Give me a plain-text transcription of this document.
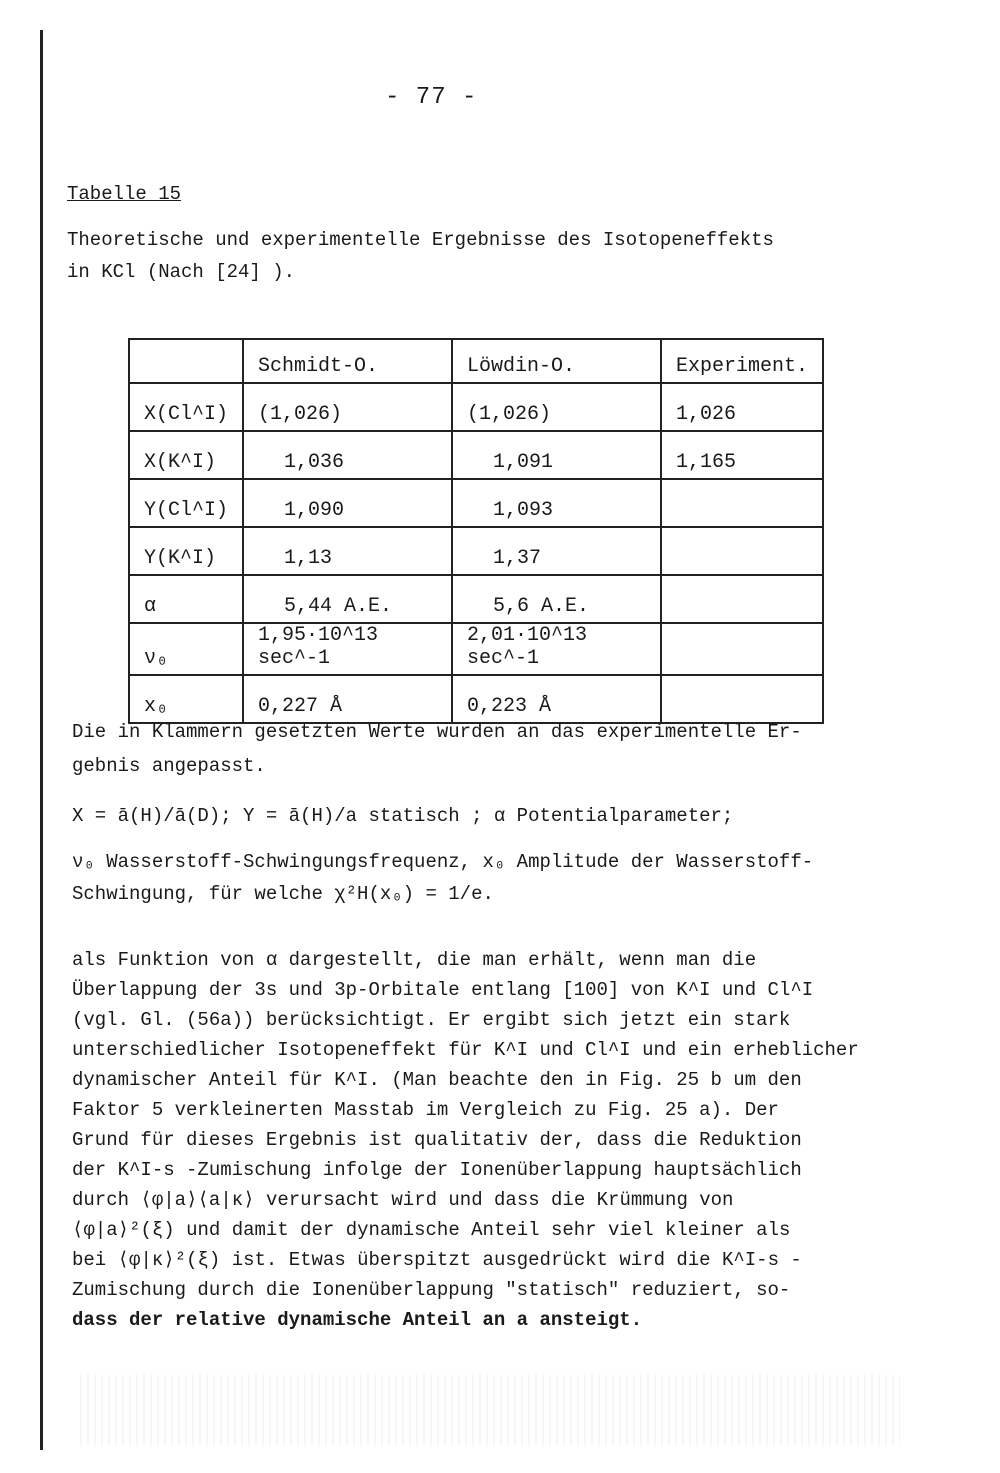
- 77 -
Tabelle 15

Theoretische und experimentelle Ergebnisse des Isotopeneffekts

in KCl (Nach [24] ).

	Schmidt-O.	Löwdin-O.	Experiment.
X(Cl^I)	(1,026)	(1,026)	1,026
X(K^I)	1,036	1,091	1,165
Y(Cl^I)	1,090	1,093	
Y(K^I)	1,13	1,37	
α	5,44 A.E.	5,6 A.E.	
ν₀	1,95·10^13 sec^-1	2,01·10^13 sec^-1	
x₀	0,227 Å	0,223 Å	

Die in Klammern gesetzten Werte wurden an das experimentelle Er-

gebnis angepasst.

X = ā(H)/ā(D); Y = ā(H)/a statisch ; α Potentialparameter;

ν₀ Wasserstoff-Schwingungsfrequenz, x₀ Amplitude der Wasserstoff-

Schwingung, für welche χ²H(x₀) = 1/e.

als Funktion von α dargestellt, die man erhält, wenn man die

Überlappung der 3s und 3p-Orbitale entlang [100] von K^I und Cl^I

(vgl. Gl. (56a)) berücksichtigt. Er ergibt sich jetzt ein stark

unterschiedlicher Isotopeneffekt für K^I und Cl^I und ein erheblicher

dynamischer Anteil für K^I. (Man beachte den in Fig. 25 b um den

Faktor 5 verkleinerten Masstab im Vergleich zu Fig. 25 a). Der

Grund für dieses Ergebnis ist qualitativ der, dass die Reduktion

der K^I-s -Zumischung infolge der Ionenüberlappung hauptsächlich

durch ⟨φ|a⟩⟨a|κ⟩ verursacht wird und dass die Krümmung von

⟨φ|a⟩²(ξ) und damit der dynamische Anteil sehr viel kleiner als

bei ⟨φ|κ⟩²(ξ) ist. Etwas überspitzt ausgedrückt wird die K^I-s -

Zumischung durch die Ionenüberlappung "statisch" reduziert, so-

dass der relative dynamische Anteil an a ansteigt.
